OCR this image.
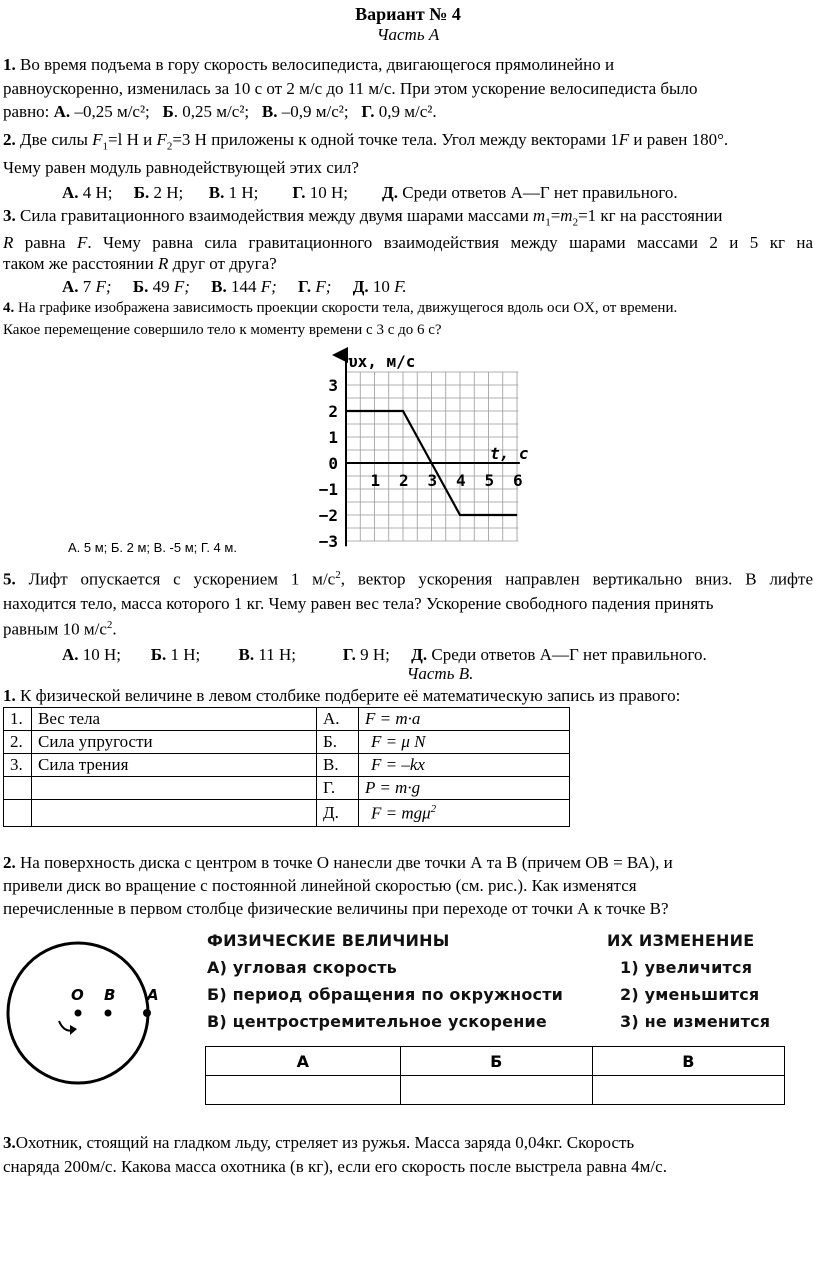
Вариант № 4
Часть А
1. Во время подъема в гору скорость велосипедиста, двигающегося прямолинейно и
равноускоренно, изменилась за 10 с от 2 м/с до 11 м/с. При этом ускорение велосипедиста было
равно: А. –0,25 м/с²; Б. 0,25 м/с²; В. –0,9 м/с²; Г. 0,9 м/с².
2. Две силы $F_1=l$ Н и $F_2=3$ Н приложены к одной точке тела. Угол между векторами 1F и равен 180°.
Чему равен модуль равнодействующей этих сил?
А. 4 Н; Б. 2 Н; В. 1 Н; Г. 10 Н; Д. Среди ответов А—Г нет правильного.
3. Сила гравитационного взаимодействия между двумя шарами массами $m_1=m_2=1$ кг на расстоянии
R равна F. Чему равна сила гравитационного взаимодействия между шарами массами 2 и 5 кг на
таком же расстоянии R друг от друга?
А. 7 F; Б. 49 F; В. 144 F; Г. F; Д. 10 F.
4. На графике изображена зависимость проекции скорости тела, движущегося вдоль оси OX, от времени.
Какое перемещение совершило тело к моменту времени с 3 с до 6 с?
1 2 3 4 5 6
3
2
1
0
−1
−2
−3
υx, м/с
t, с
А. 5 м; Б. 2 м; В. -5 м; Г. 4 м.
5. Лифт опускается с ускорением 1 $м/с^2$, вектор ускорения направлен вертикально вниз. В лифте
находится тело, масса которого 1 кг. Чему равен вес тела? Ускорение свободного падения принять
равным 10 $м/с^2$.
А. 10 Н; Б. 1 Н; В. 11 Н;	Г. 9 Н; Д. Среди ответов А—Г нет правильного.
Часть В.
1. К физической величине в левом столбике подберите её математическую запись из правого:
1.	Вес тела	А.	F = m·a
2.	Сила упругости	Б.	F = μ N
3.	Сила трения	В.	F = –kx
		Г.	P = m·g
		Д.	F = mgμ$^2$
2. На поверхность диска с центром в точке О нанесли две точки А та В (причем ОВ = ВА), и
привели диск во вращение с постоянной линейной скоростью (см. рис.). Как изменятся
перечисленные в первом столбце физические величины при переходе от точки А к точке В?
O B A
ФИЗИЧЕСКИЕ ВЕЛИЧИНЫ	ИХ ИЗМЕНЕНИЕ
А) угловая скорость
Б) период обращения по окружности
В) центростремительное ускорение
1) увеличится
2) уменьшится
3) не изменится
А	Б	В

3.Охотник, стоящий на гладком льду, стреляет из ружья. Масса заряда 0,04кг. Скорость
снаряда 200м/с. Какова масса охотника (в кг), если его скорость после выстрела равна 4м/с.
